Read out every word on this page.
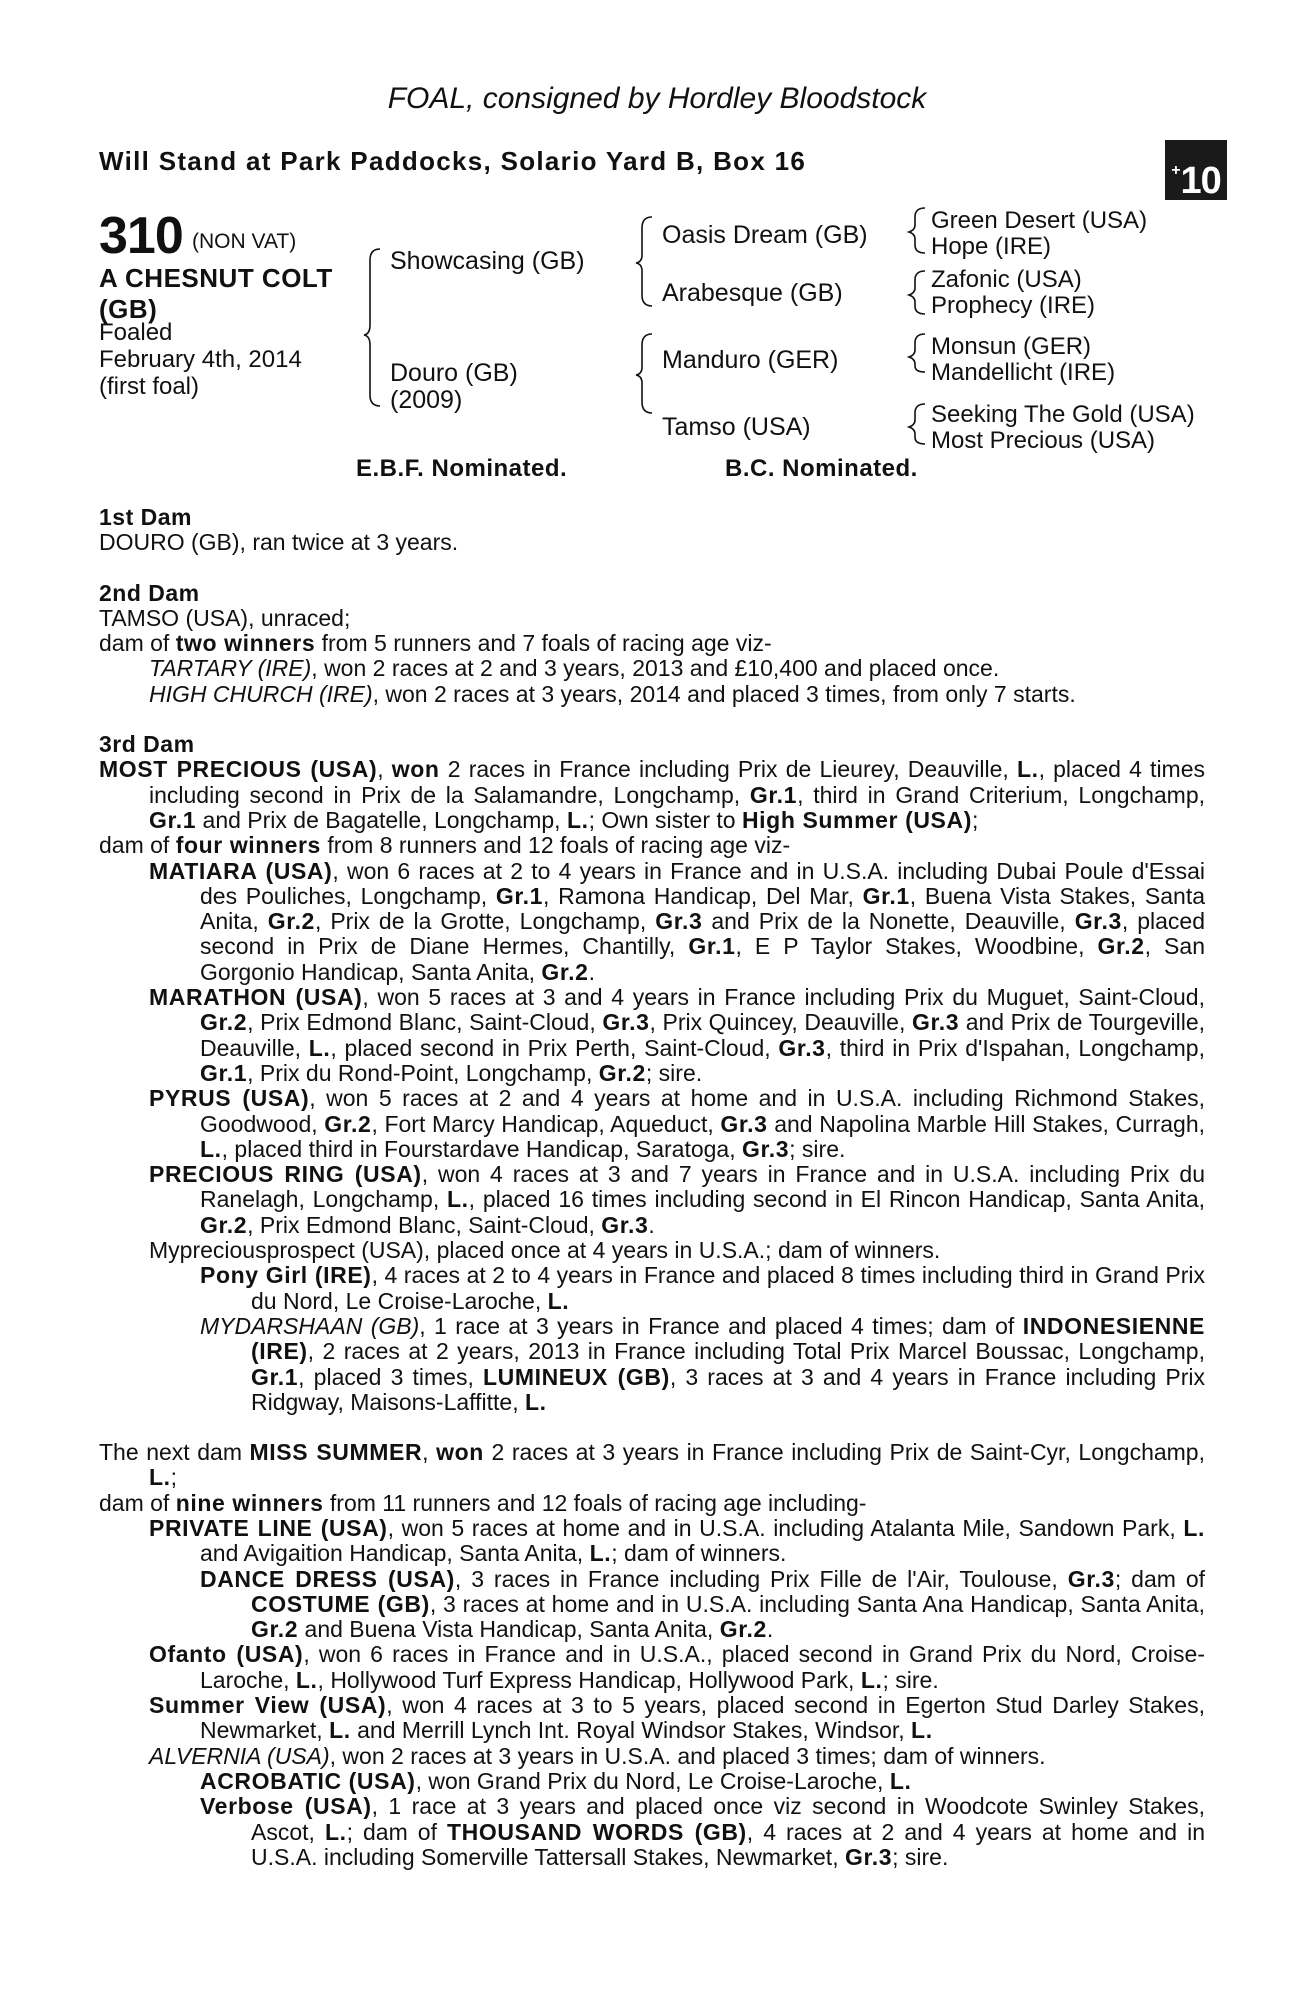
FOAL, consigned by Hordley Bloodstock
Will Stand at Park Paddocks, Solario Yard B, Box 16	+10
310 (NON VAT)
A CHESNUT COLT (GB)
Foaled
February 4th, 2014
(first foal)
Showcasing (GB)
Douro (GB)
(2009)
Oasis Dream (GB)
Arabesque (GB)
Manduro (GER)
Tamso (USA)
Green Desert (USA)
Hope (IRE)
Zafonic (USA)
Prophecy (IRE)
Monsun (GER)
Mandellicht (IRE)
Seeking The Gold (USA)
Most Precious (USA)
E.B.F. Nominated.	B.C. Nominated.
1st Dam
DOURO (GB), ran twice at 3 years.
2nd Dam
TAMSO (USA), unraced;
dam of two winners from 5 runners and 7 foals of racing age viz-
TARTARY (IRE), won 2 races at 2 and 3 years, 2013 and £10,400 and placed once.
HIGH CHURCH (IRE), won 2 races at 3 years, 2014 and placed 3 times, from only 7 starts.
3rd Dam
MOST PRECIOUS (USA), won 2 races in France including Prix de Lieurey, Deauville, L., placed 4 times including second in Prix de la Salamandre, Longchamp, Gr.1, third in Grand Criterium, Longchamp, Gr.1 and Prix de Bagatelle, Longchamp, L.; Own sister to High Summer (USA);
dam of four winners from 8 runners and 12 foals of racing age viz-
MATIARA (USA), won 6 races at 2 to 4 years in France and in U.S.A. including Dubai Poule d'Essai des Pouliches, Longchamp, Gr.1, Ramona Handicap, Del Mar, Gr.1, Buena Vista Stakes, Santa Anita, Gr.2, Prix de la Grotte, Longchamp, Gr.3 and Prix de la Nonette, Deauville, Gr.3, placed second in Prix de Diane Hermes, Chantilly, Gr.1, E P Taylor Stakes, Woodbine, Gr.2, San Gorgonio Handicap, Santa Anita, Gr.2.
MARATHON (USA), won 5 races at 3 and 4 years in France including Prix du Muguet, Saint-Cloud, Gr.2, Prix Edmond Blanc, Saint-Cloud, Gr.3, Prix Quincey, Deauville, Gr.3 and Prix de Tourgeville, Deauville, L., placed second in Prix Perth, Saint-Cloud, Gr.3, third in Prix d'Ispahan, Longchamp, Gr.1, Prix du Rond-Point, Longchamp, Gr.2; sire.
PYRUS (USA), won 5 races at 2 and 4 years at home and in U.S.A. including Richmond Stakes, Goodwood, Gr.2, Fort Marcy Handicap, Aqueduct, Gr.3 and Napolina Marble Hill Stakes, Curragh, L., placed third in Fourstardave Handicap, Saratoga, Gr.3; sire.
PRECIOUS RING (USA), won 4 races at 3 and 7 years in France and in U.S.A. including Prix du Ranelagh, Longchamp, L., placed 16 times including second in El Rincon Handicap, Santa Anita, Gr.2, Prix Edmond Blanc, Saint-Cloud, Gr.3.
Mypreciousprospect (USA), placed once at 4 years in U.S.A.; dam of winners.
Pony Girl (IRE), 4 races at 2 to 4 years in France and placed 8 times including third in Grand Prix du Nord, Le Croise-Laroche, L.
MYDARSHAAN (GB), 1 race at 3 years in France and placed 4 times; dam of INDONESIENNE (IRE), 2 races at 2 years, 2013 in France including Total Prix Marcel Boussac, Longchamp, Gr.1, placed 3 times, LUMINEUX (GB), 3 races at 3 and 4 years in France including Prix Ridgway, Maisons-Laffitte, L.
The next dam MISS SUMMER, won 2 races at 3 years in France including Prix de Saint-Cyr, Longchamp, L.;
dam of nine winners from 11 runners and 12 foals of racing age including-
PRIVATE LINE (USA), won 5 races at home and in U.S.A. including Atalanta Mile, Sandown Park, L. and Avigaition Handicap, Santa Anita, L.; dam of winners.
DANCE DRESS (USA), 3 races in France including Prix Fille de l'Air, Toulouse, Gr.3; dam of COSTUME (GB), 3 races at home and in U.S.A. including Santa Ana Handicap, Santa Anita, Gr.2 and Buena Vista Handicap, Santa Anita, Gr.2.
Ofanto (USA), won 6 races in France and in U.S.A., placed second in Grand Prix du Nord, Croise-Laroche, L., Hollywood Turf Express Handicap, Hollywood Park, L.; sire.
Summer View (USA), won 4 races at 3 to 5 years, placed second in Egerton Stud Darley Stakes, Newmarket, L. and Merrill Lynch Int. Royal Windsor Stakes, Windsor, L.
ALVERNIA (USA), won 2 races at 3 years in U.S.A. and placed 3 times; dam of winners.
ACROBATIC (USA), won Grand Prix du Nord, Le Croise-Laroche, L.
Verbose (USA), 1 race at 3 years and placed once viz second in Woodcote Swinley Stakes, Ascot, L.; dam of THOUSAND WORDS (GB), 4 races at 2 and 4 years at home and in U.S.A. including Somerville Tattersall Stakes, Newmarket, Gr.3; sire.
